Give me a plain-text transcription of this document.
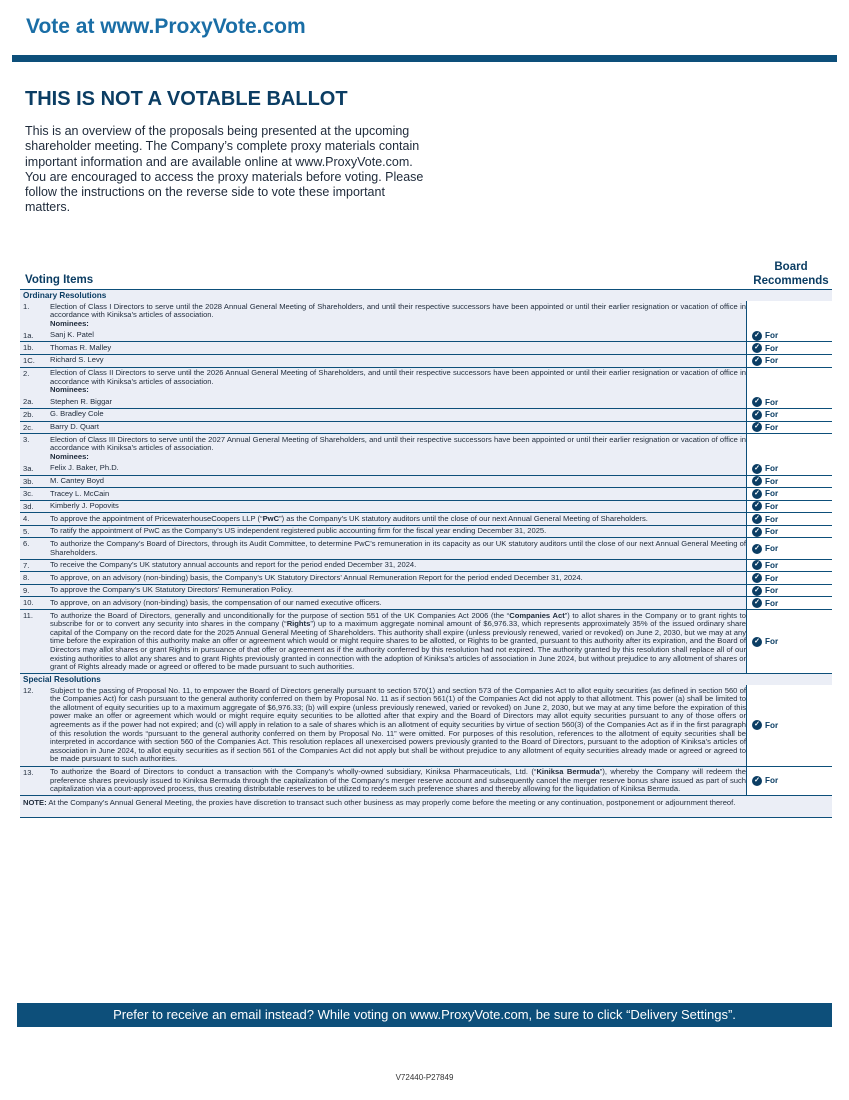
Vote at www.ProxyVote.com
THIS IS NOT A VOTABLE BALLOT

This is an overview of the proposals being presented at the upcoming shareholder meeting. The Company’s complete proxy materials contain important information and are available online at www.ProxyVote.com. You are encouraged to access the proxy materials before voting. Please follow the instructions on the reverse side to vote these important matters.

Voting Items
Board
Recommends
Ordinary Resolutions
1.	Election of Class I Directors to serve until the 2028 Annual General Meeting of Shareholders, and until their respective successors have been appointed or until their earlier resignation or vacation of office in accordance with Kiniksa’s articles of association.
Nominees:
1a.	Sanj K. Patel	✓ For
1b.	Thomas R. Malley	✓ For
1C.	Richard S. Levy	✓ For
2.	Election of Class II Directors to serve until the 2026 Annual General Meeting of Shareholders, and until their respective successors have been appointed or until their earlier resignation or vacation of office in accordance with Kiniksa’s articles of association.
Nominees:
2a.	Stephen R. Biggar	✓ For
2b.	G. Bradley Cole	✓ For
2c.	Barry D. Quart	✓ For
3.	Election of Class III Directors to serve until the 2027 Annual General Meeting of Shareholders, and until their respective successors have been appointed or until their earlier resignation or vacation of office in accordance with Kiniksa’s articles of association.
Nominees:
3a.	Felix J. Baker, Ph.D.	✓ For
3b.	M. Cantey Boyd	✓ For
3c.	Tracey L. McCain	✓ For
3d.	Kimberly J. Popovits	✓ For
4.	To approve the appointment of PricewaterhouseCoopers LLP (“PwC”) as the Company’s UK statutory auditors until the close of our next Annual General Meeting of Shareholders.	✓ For
5.	To ratify the appointment of PwC as the Company’s US independent registered public accounting firm for the fiscal year ending December 31, 2025.	✓ For
6.	To authorize the Company’s Board of Directors, through its Audit Committee, to determine PwC’s remuneration in its capacity as our UK statutory auditors until the close of our next Annual General Meeting of Shareholders.	✓ For
7.	To receive the Company’s UK statutory annual accounts and report for the period ended December 31, 2024.	✓ For
8.	To approve, on an advisory (non-binding) basis, the Company’s UK Statutory Directors’ Annual Remuneration Report for the period ended December 31, 2024.	✓ For
9.	To approve the Company’s UK Statutory Directors’ Remuneration Policy.	✓ For
10.	To approve, on an advisory (non-binding) basis, the compensation of our named executive officers.	✓ For
11.	To authorize the Board of Directors, generally and unconditionally for the purpose of section 551 of the UK Companies Act 2006 (the “Companies Act”) to allot shares in the Company or to grant rights to subscribe for or to convert any security into shares in the company (“Rights”) up to a maximum aggregate nominal amount of $6,976.33, which represents approximately 35% of the issued ordinary share capital of the Company on the record date for the 2025 Annual General Meeting of Shareholders. This authority shall expire (unless previously renewed, varied or revoked) on June 2, 2030, but we may at any time before the expiration of this authority make an offer or agreement which would or might require shares to be allotted, or Rights to be granted, pursuant to this authority after its expiration, and the Board of Directors may allot shares or grant Rights in pursuance of that offer or agreement as if the authority conferred by this resolution had not expired. The authority granted by this resolution shall replace all of our existing authorities to allot any shares and to grant Rights previously granted in connection with the adoption of Kiniksa’s articles of association in June 2024, but without prejudice to any allotment of shares or grant of Rights already made or agreed or offered to be made pursuant to such authorities.
✓ For
Special Resolutions
12.	Subject to the passing of Proposal No. 11, to empower the Board of Directors generally pursuant to section 570(1) and section 573 of the Companies Act to allot equity securities (as defined in section 560 of the Companies Act) for cash pursuant to the general authority conferred on them by Proposal No. 11 as if section 561(1) of the Companies Act did not apply to that allotment. This power (a) shall be limited to the allotment of equity securities up to a maximum aggregate of $6,976.33; (b) will expire (unless previously renewed, varied or revoked) on June 2, 2030, but we may at any time before the expiration of this power make an offer or agreement which would or might require equity securities to be allotted after that expiry and the Board of Directors may allot equity securities pursuant to any of those offers or agreements as if the power had not expired; and (c) will apply in relation to a sale of shares which is an allotment of equity securities by virtue of section 560(3) of the Companies Act as if in the first paragraph of this resolution the words “pursuant to the general authority conferred on them by Proposal No. 11” were omitted. For purposes of this resolution, references to the allotment of equity securities shall be interpreted in accordance with section 560 of the Companies Act. This resolution replaces all unexercised powers previously granted to the Board of Directors, pursuant to the adoption of Kiniksa’s articles of association in June 2024, to allot equity securities as if section 561 of the Companies Act did not apply but shall be without prejudice to any allotment of equity securities already made or agreed or agreed to be made pursuant to such authorities.
✓ For
13.	To authorize the Board of Directors to conduct a transaction with the Company’s wholly-owned subsidiary, Kiniksa Pharmaceuticals, Ltd. (“Kiniksa Bermuda”), whereby the Company will redeem the preference shares previously issued to Kiniksa Bermuda through the capitalization of the Company’s merger reserve account and subsequently cancel the merger reserve bonus share issued as part of such capitalization via a court-approved process, thus creating distributable reserves to be utilized to redeem such preference shares and thereby allowing for the liquidation of Kiniksa Bermuda.
✓ For
NOTE: At the Company’s Annual General Meeting, the proxies have discretion to transact such other business as may properly come before the meeting or any continuation, postponement or adjournment thereof.
Prefer to receive an email instead? While voting on www.ProxyVote.com, be sure to click “Delivery Settings”.
V72440-P27849
